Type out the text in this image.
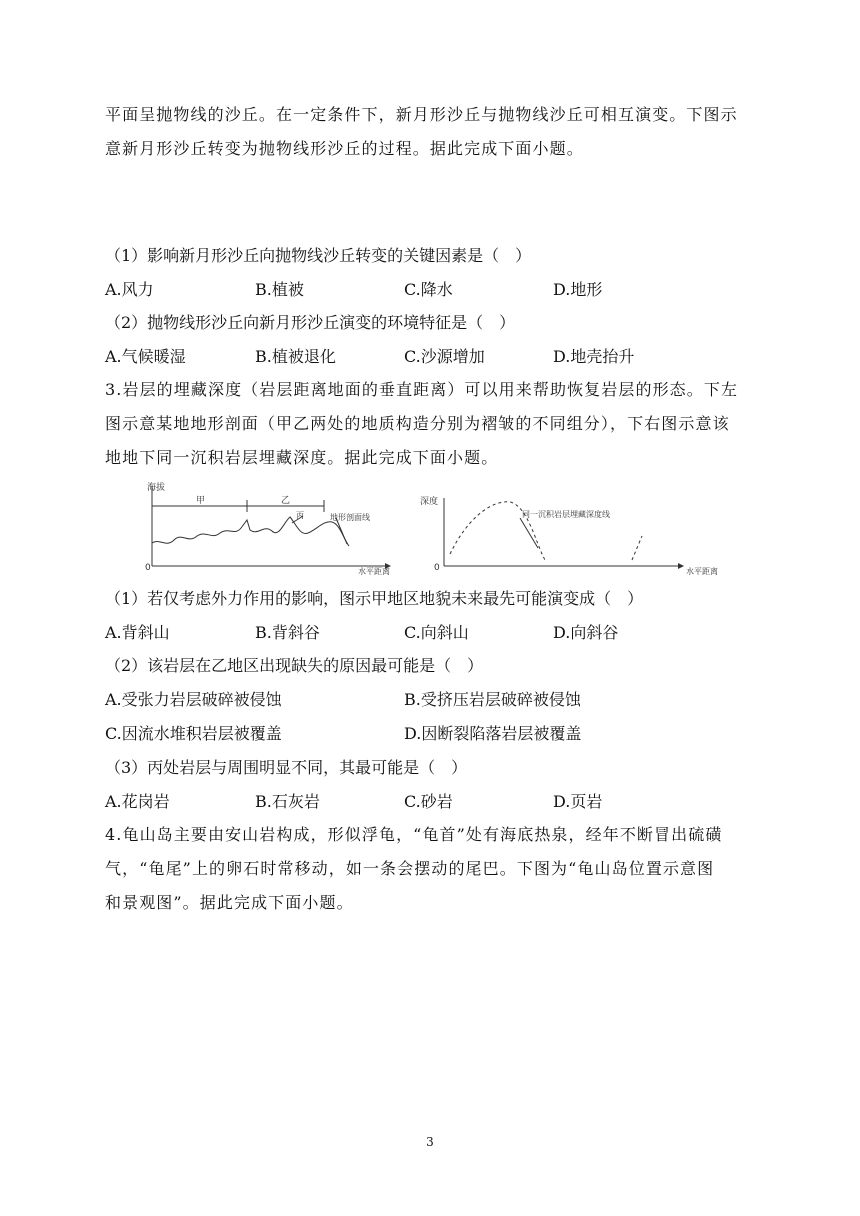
平面呈抛物线的沙丘。在一定条件下，新月形沙丘与抛物线沙丘可相互演变。下图示
意新月形沙丘转变为抛物线形沙丘的过程。据此完成下面小题。
（1）影响新月形沙丘向抛物线沙丘转变的关键因素是（　）
A.风力	B.植被	C.降水	D.地形
（2）抛物线形沙丘向新月形沙丘演变的环境特征是（　）
A.气候暖湿	B.植被退化	C.沙源增加	D.地壳抬升
3.岩层的埋藏深度（岩层距离地面的垂直距离）可以用来帮助恢复岩层的形态。下左
图示意某地地形剖面（甲乙两处的地质构造分别为褶皱的不同组分），下右图示意该
地地下同一沉积岩层埋藏深度。据此完成下面小题。
海拔
0	水平距离
甲	乙
丙	地形剖面线
深度
0	水平距离
同一沉积岩层埋藏深度线
（1）若仅考虑外力作用的影响，图示甲地区地貌未来最先可能演变成（　）
A.背斜山	B.背斜谷	C.向斜山	D.向斜谷
（2）该岩层在乙地区出现缺失的原因最可能是（　）
A.受张力岩层破碎被侵蚀	B.受挤压岩层破碎被侵蚀
C.因流水堆积岩层被覆盖	D.因断裂陷落岩层被覆盖
（3）丙处岩层与周围明显不同，其最可能是（　）
A.花岗岩	B.石灰岩	C.砂岩	D.页岩
4.龟山岛主要由安山岩构成，形似浮龟，“龟首”处有海底热泉，经年不断冒出硫磺
气，“龟尾”上的卵石时常移动，如一条会摆动的尾巴。下图为“龟山岛位置示意图
和景观图”。据此完成下面小题。
3
